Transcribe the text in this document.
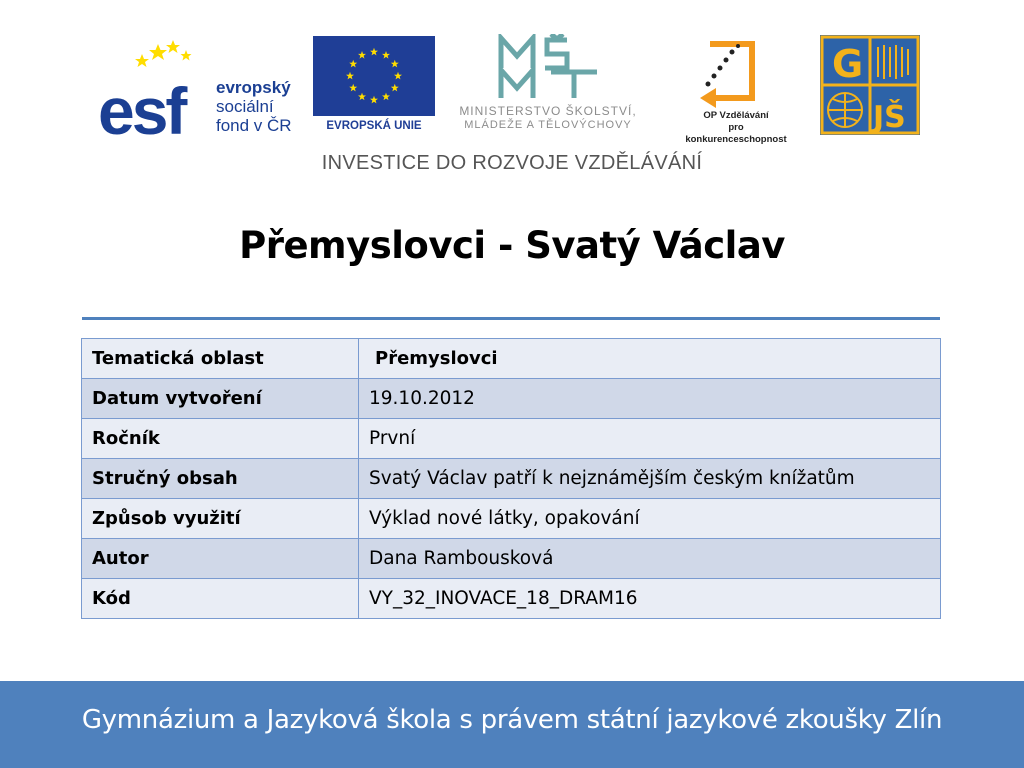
esf evropský
sociální
fond v ČR	EVROPSKÁ UNIE
MINISTERSTVO ŠKOLSTVÍ,
MLÁDEŽE A TĚLOVÝCHOVY
OP Vzdělávání
pro konkurenceschopnost
G
JŠ
INVESTICE DO ROZVOJE VZDĚLÁVÁNÍ
Přemyslovci - Svatý Václav
Tematická oblast	Přemyslovci
Datum vytvoření	19.10.2012
Ročník	První
Stručný obsah	Svatý Václav patří k nejznámějším českým knížatům
Způsob využití	Výklad nové látky, opakování
Autor	Dana Rambousková
Kód	VY_32_INOVACE_18_DRAM16
Gymnázium a Jazyková škola s právem státní jazykové zkoušky Zlín
